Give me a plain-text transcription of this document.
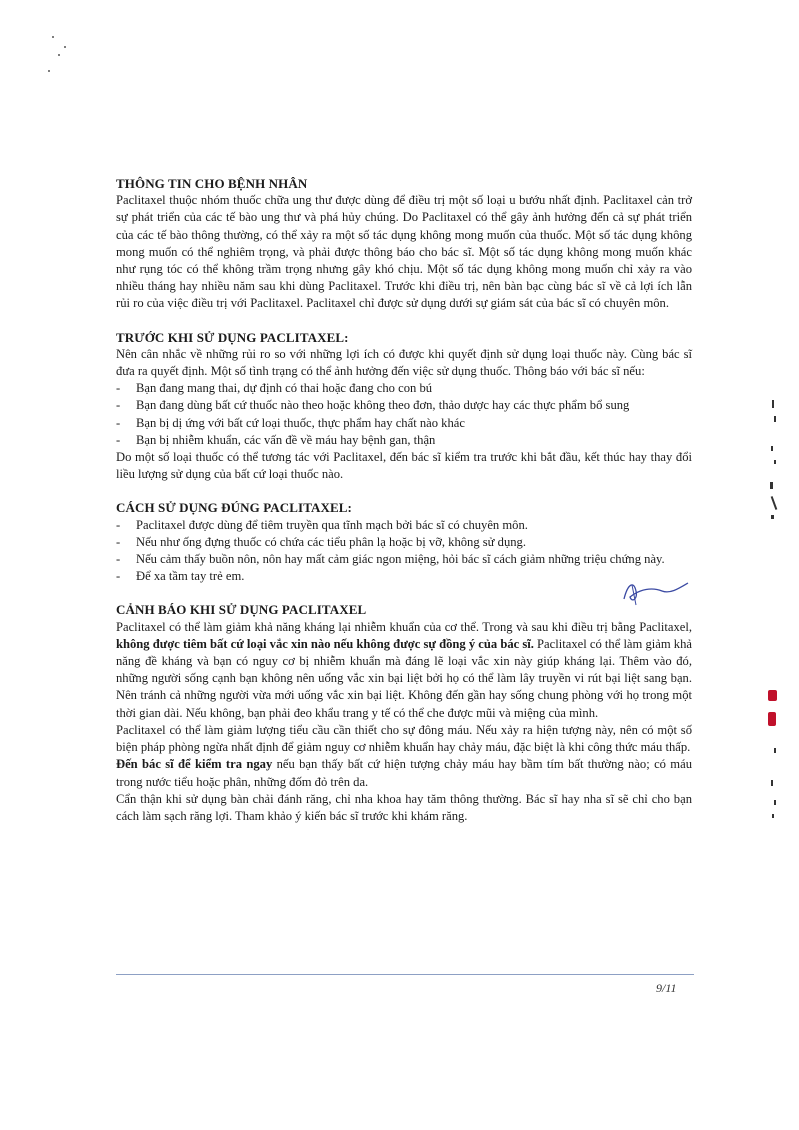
THÔNG TIN CHO BỆNH NHÂN

Paclitaxel thuộc nhóm thuốc chữa ung thư được dùng để điều trị một số loại u bướu nhất định. Paclitaxel cản trở sự phát triển của các tế bào ung thư và phá hủy chúng. Do Paclitaxel có thể gây ảnh hưởng đến cả sự phát triển của các tế bào thông thường, có thể xảy ra một số tác dụng không mong muốn của thuốc. Một số tác dụng không mong muốn có thể nghiêm trọng, và phải được thông báo cho bác sĩ. Một số tác dụng không mong muốn khác như rụng tóc có thể không trầm trọng nhưng gây khó chịu. Một số tác dụng không mong muốn chỉ xảy ra vào nhiều tháng hay nhiều năm sau khi dùng Paclitaxel. Trước khi điều trị, nên bàn bạc cùng bác sĩ về cả lợi ích lẫn rủi ro của việc điều trị với Paclitaxel. Paclitaxel chỉ được sử dụng dưới sự giám sát của bác sĩ có chuyên môn.

TRƯỚC KHI SỬ DỤNG PACLITAXEL:

Nên cân nhắc về những rủi ro so với những lợi ích có được khi quyết định sử dụng loại thuốc này. Cùng bác sĩ đưa ra quyết định. Một số tình trạng có thể ảnh hưởng đến việc sử dụng thuốc. Thông báo với bác sĩ nếu:

- Bạn đang mang thai, dự định có thai hoặc đang cho con bú
- Bạn đang dùng bất cứ thuốc nào theo hoặc không theo đơn, thảo dược hay các thực phẩm bổ sung
- Bạn bị dị ứng với bất cứ loại thuốc, thực phẩm hay chất nào khác
- Bạn bị nhiễm khuẩn, các vấn đề về máu hay bệnh gan, thận

Do một số loại thuốc có thể tương tác với Paclitaxel, đến bác sĩ kiểm tra trước khi bắt đầu, kết thúc hay thay đổi liều lượng sử dụng của bất cứ loại thuốc nào.

CÁCH SỬ DỤNG ĐÚNG PACLITAXEL:
- Paclitaxel được dùng để tiêm truyền qua tĩnh mạch bởi bác sĩ có chuyên môn.
- Nếu như ống đựng thuốc có chứa các tiểu phân lạ hoặc bị vỡ, không sử dụng.
- Nếu cảm thấy buồn nôn, nôn hay mất cảm giác ngon miệng, hỏi bác sĩ cách giảm những triệu chứng này.
- Để xa tầm tay trẻ em.
CẢNH BÁO KHI SỬ DỤNG PACLITAXEL

Paclitaxel có thể làm giảm khả năng kháng lại nhiễm khuẩn của cơ thể. Trong và sau khi điều trị bằng Paclitaxel, không được tiêm bất cứ loại vắc xin nào nếu không được sự đồng ý của bác sĩ. Paclitaxel có thể làm giảm khả năng đề kháng và bạn có nguy cơ bị nhiễm khuẩn mà đáng lẽ loại vắc xin này giúp kháng lại. Thêm vào đó, những người sống cạnh bạn không nên uống vắc xin bại liệt bởi họ có thể làm lây truyền vi rút bại liệt sang bạn. Nên tránh cả những người vừa mới uống vắc xin bại liệt. Không đến gần hay sống chung phòng với họ trong một thời gian dài. Nếu không, bạn phải đeo khẩu trang y tế có thể che được mũi và miệng của mình.

Paclitaxel có thể làm giảm lượng tiểu cầu cần thiết cho sự đông máu. Nếu xảy ra hiện tượng này, nên có một số biện pháp phòng ngừa nhất định để giảm nguy cơ nhiễm khuẩn hay chảy máu, đặc biệt là khi công thức máu thấp.

Đến bác sĩ để kiểm tra ngay nếu bạn thấy bất cứ hiện tượng chảy máu hay bầm tím bất thường nào; có máu trong nước tiểu hoặc phân, những đốm đỏ trên da.

Cẩn thận khi sử dụng bàn chải đánh răng, chỉ nha khoa hay tăm thông thường. Bác sĩ hay nha sĩ sẽ chỉ cho bạn cách làm sạch răng lợi. Tham khảo ý kiến bác sĩ trước khi khám răng.

9/11
